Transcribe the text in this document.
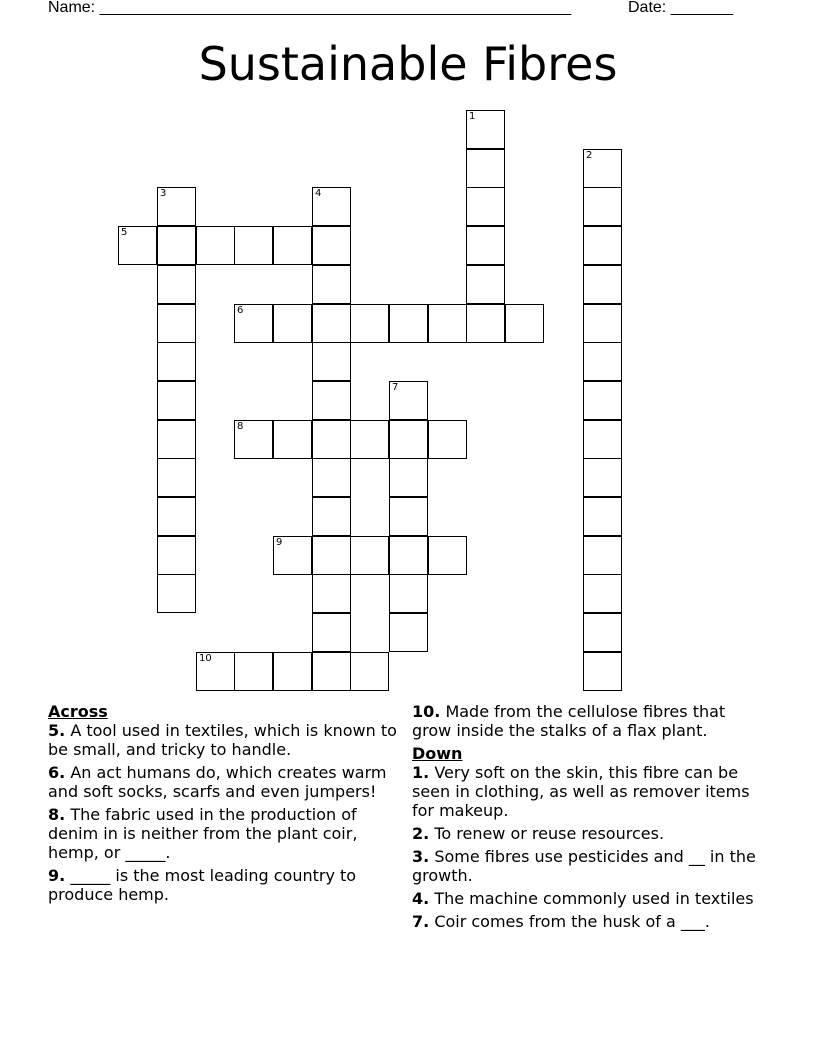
Name: _____________________________________________________	Date: _______
Sustainable Fibres
5
6
8
9
10
1
2
3	4
7

Across

5. A tool used in textiles, which is known to be small, and tricky to handle.
6. An act humans do, which creates warm and soft socks, scarfs and even jumpers!
8. The fabric used in the production of denim in is neither from the plant coir, hemp, or _____.
9. _____ is the most leading country to produce hemp.
10. Made from the cellulose fibres that grow inside the stalks of a flax plant.

Down

1. Very soft on the skin, this fibre can be seen in clothing, as well as remover items for makeup.
2. To renew or reuse resources.
3. Some fibres use pesticides and __ in the growth.
4. The machine commonly used in textiles
7. Coir comes from the husk of a ___.
